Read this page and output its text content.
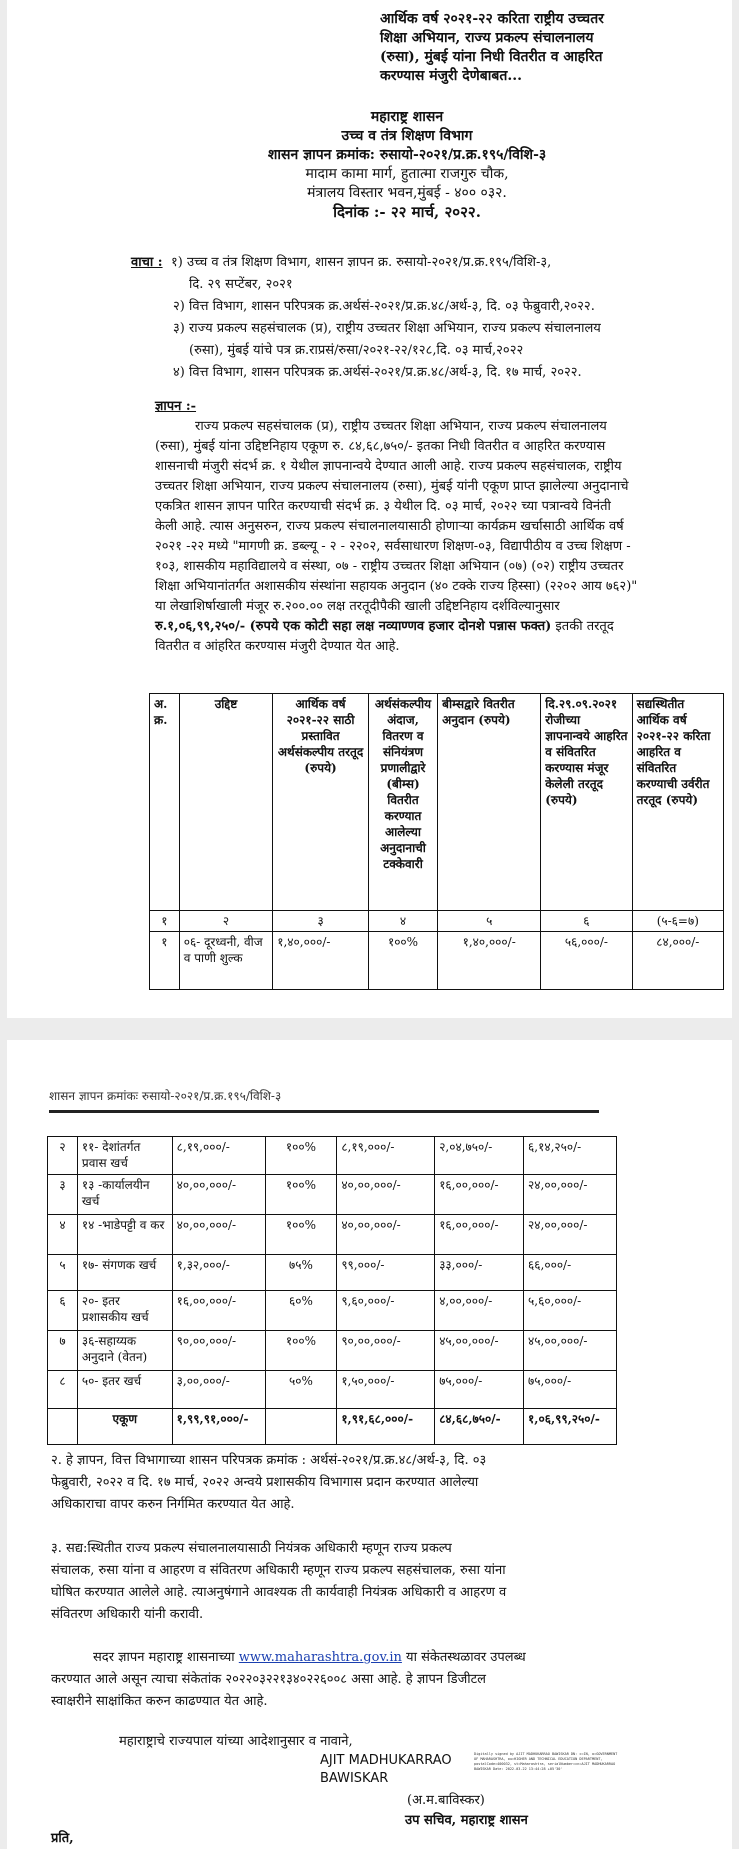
आर्थिक वर्ष २०२१-२२ करिता राष्ट्रीय उच्चतर
शिक्षा अभियान, राज्य प्रकल्प संचालनालय
(रुसा), मुंबई यांना निधी वितरीत व आहरित
करण्यास मंजुरी देणेबाबत...
महाराष्ट्र शासन
उच्च व तंत्र शिक्षण विभाग
शासन ज्ञापन क्रमांक: रुसायो-२०२१/प्र.क्र.१९५/विशि-३
मादाम कामा मार्ग, हुतात्मा राजगुरु चौक,
मंत्रालय विस्तार भवन,मुंबई - ४०० ०३२.
दिनांक :- २२ मार्च, २०२२.
वाचा : १) उच्च व तंत्र शिक्षण विभाग, शासन ज्ञापन क्र. रुसायो-२०२१/प्र.क्र.१९५/विशि-३,
दि. २९ सप्टेंबर, २०२१
२) वित्त विभाग, शासन परिपत्रक क्र.अर्थसं-२०२१/प्र.क्र.४८/अर्थ-३, दि. ०३ फेब्रुवारी,२०२२.
३) राज्य प्रकल्प सहसंचालक (प्र), राष्ट्रीय उच्चतर शिक्षा अभियान, राज्य प्रकल्प संचालनालय
(रुसा), मुंबई यांचे पत्र क्र.राप्रसं/रुसा/२०२१-२२/१२८,दि. ०३ मार्च,२०२२
४) वित्त विभाग, शासन परिपत्रक क्र.अर्थसं-२०२१/प्र.क्र.४८/अर्थ-३, दि. १७ मार्च, २०२२.
ज्ञापन :-
राज्य प्रकल्प सहसंचालक (प्र), राष्ट्रीय उच्चतर शिक्षा अभियान, राज्य प्रकल्प संचालनालय
(रुसा), मुंबई यांना उद्दिष्टनिहाय एकूण रु. ८४,६८,७५०/- इतका निधी वितरीत व आहरित करण्यास
शासनाची मंजुरी संदर्भ क्र. १ येथील ज्ञापनान्वये देण्यात आली आहे. राज्य प्रकल्प सहसंचालक, राष्ट्रीय
उच्चतर शिक्षा अभियान, राज्य प्रकल्प संचालनालय (रुसा), मुंबई यांनी एकूण प्राप्त झालेल्या अनुदानाचे
एकत्रित शासन ज्ञापन पारित करण्याची संदर्भ क्र. ३ येथील दि. ०३ मार्च, २०२२ च्या पत्रान्वये विनंती
केली आहे. त्यास अनुसरुन, राज्य प्रकल्प संचालनालयासाठी होणाऱ्या कार्यक्रम खर्चासाठी आर्थिक वर्ष
२०२१ -२२ मध्ये "मागणी क्र. डब्ल्यू - २ - २२०२, सर्वसाधारण शिक्षण-०३, विद्यापीठीय व उच्च शिक्षण -
१०३, शासकीय महाविद्यालये व संस्था, ०७ - राष्ट्रीय उच्चतर शिक्षा अभियान (०७) (०२) राष्ट्रीय उच्चतर
शिक्षा अभियानांतर्गत अशासकीय संस्थांना सहायक अनुदान (४० टक्के राज्य हिस्सा) (२२०२ आय ७६२)"
या लेखाशिर्षाखाली मंजूर रु.२००.०० लक्ष तरतूदीपैकी खाली उद्दिष्टनिहाय दर्शविल्यानुसार
रु.१,०६,९९,२५०/- (रुपये एक कोटी सहा लक्ष नव्याण्णव हजार दोनशे पन्नास फक्त) इतकी तरतूद
वितरीत व आंहरित करण्यास मंजुरी देण्यात येत आहे.
अ. क्र.	उद्दिष्ट	आर्थिक वर्ष २०२१-२२ साठी प्रस्तावित अर्थसंकल्पीय तरतूद (रुपये)	अर्थसंकल्पीय अंदाज, वितरण व संनियंत्रण प्रणालीद्वारे (बीम्स) वितरीत करण्यात आलेल्या अनुदानाची टक्केवारी	बीम्सद्वारे वितरीत अनुदान (रुपये)	दि.२९.०९.२०२१ रोजीच्या ज्ञापनान्वये आहरित व संवितरित करण्यास मंजूर केलेली तरतूद (रुपये)	सद्यस्थितीत आर्थिक वर्ष २०२१-२२ करिता आहरित व संवितरित करण्याची उर्वरीत तरतूद (रुपये)
१	२	३	४	५	६	(५-६=७)
१	०६- दूरध्वनी, वीज व पाणी शुल्क	१,४०,०००/-	१००%	१,४०,०००/-	५६,०००/-	८४,०००/-
शासन ज्ञापन क्रमांकः रुसायो-२०२१/प्र.क्र.१९५/विशि-३
२	११- देशांतर्गत प्रवास खर्च	८,१९,०००/-	१००%	८,१९,०००/-	२,०४,७५०/-	६,१४,२५०/-
३	१३ -कार्यालयीन खर्च	४०,००,०००/-	१००%	४०,००,०००/-	१६,००,०००/-	२४,००,०००/-
४	१४ -भाडेपट्टी व कर	४०,००,०००/-	१००%	४०,००,०००/-	१६,००,०००/-	२४,००,०००/-
५	१७- संगणक खर्च	१,३२,०००/-	७५%	९९,०००/-	३३,०००/-	६६,०००/-
६	२०- इतर प्रशासकीय खर्च	१६,००,०००/-	६०%	९,६०,०००/-	४,००,०००/-	५,६०,०००/-
७	३६-सहाय्यक अनुदाने (वेतन)	९०,००,०००/-	१००%	९०,००,०००/-	४५,००,०००/-	४५,००,०००/-
८	५०- इतर खर्च	३,००,०००/-	५०%	१,५०,०००/-	७५,०००/-	७५,०००/-
	एकूण	१,९९,९१,०००/-		१,९१,६८,०००/-	८४,६८,७५०/-	१,०६,९९,२५०/-
२. हे ज्ञापन, वित्त विभागाच्या शासन परिपत्रक क्रमांक : अर्थसं-२०२१/प्र.क्र.४८/अर्थ-३, दि. ०३
फेब्रुवारी, २०२२ व दि. १७ मार्च, २०२२ अन्वये प्रशासकीय विभागास प्रदान करण्यात आलेल्या
अधिकाराचा वापर करुन निर्गमित करण्यात येत आहे.
३. सद्य:स्थितीत राज्य प्रकल्प संचालनालयासाठी नियंत्रक अधिकारी म्हणून राज्य प्रकल्प
संचालक, रुसा यांना व आहरण व संवितरण अधिकारी म्हणून राज्य प्रकल्प सहसंचालक, रुसा यांना
घोषित करण्यात आलेले आहे. त्याअनुषंगाने आवश्यक ती कार्यवाही नियंत्रक अधिकारी व आहरण व
संवितरण अधिकारी यांनी करावी.
सदर ज्ञापन महाराष्ट्र शासनाच्या www.maharashtra.gov.in या संकेतस्थळावर उपलब्ध
करण्यात आले असून त्याचा संकेतांक २०२२०३२२१३४०२२६००८ असा आहे. हे ज्ञापन डिजीटल
स्वाक्षरीने साक्षांकित करुन काढण्यात येत आहे.
महाराष्ट्राचे राज्यपाल यांच्या आदेशानुसार व नावाने,
AJIT MADHUKARRAO
BAWISKAR
Digitally signed by AJIT MADHUKARRAO BAWISKAR DN: c=IN, o=GOVERNMENT OF MAHARASHTRA, ou=HIGHER AND TECHNICAL EDUCATION DEPARTMENT, postalCode=400032, st=Maharashtra, serialNumber=cn=AJIT MADHUKARRAO BAWISKAR Date: 2022.03.22 13:44:28 +05'30'
(अ.म.बाविस्कर)
उप सचिव, महाराष्ट्र शासन
प्रति,
